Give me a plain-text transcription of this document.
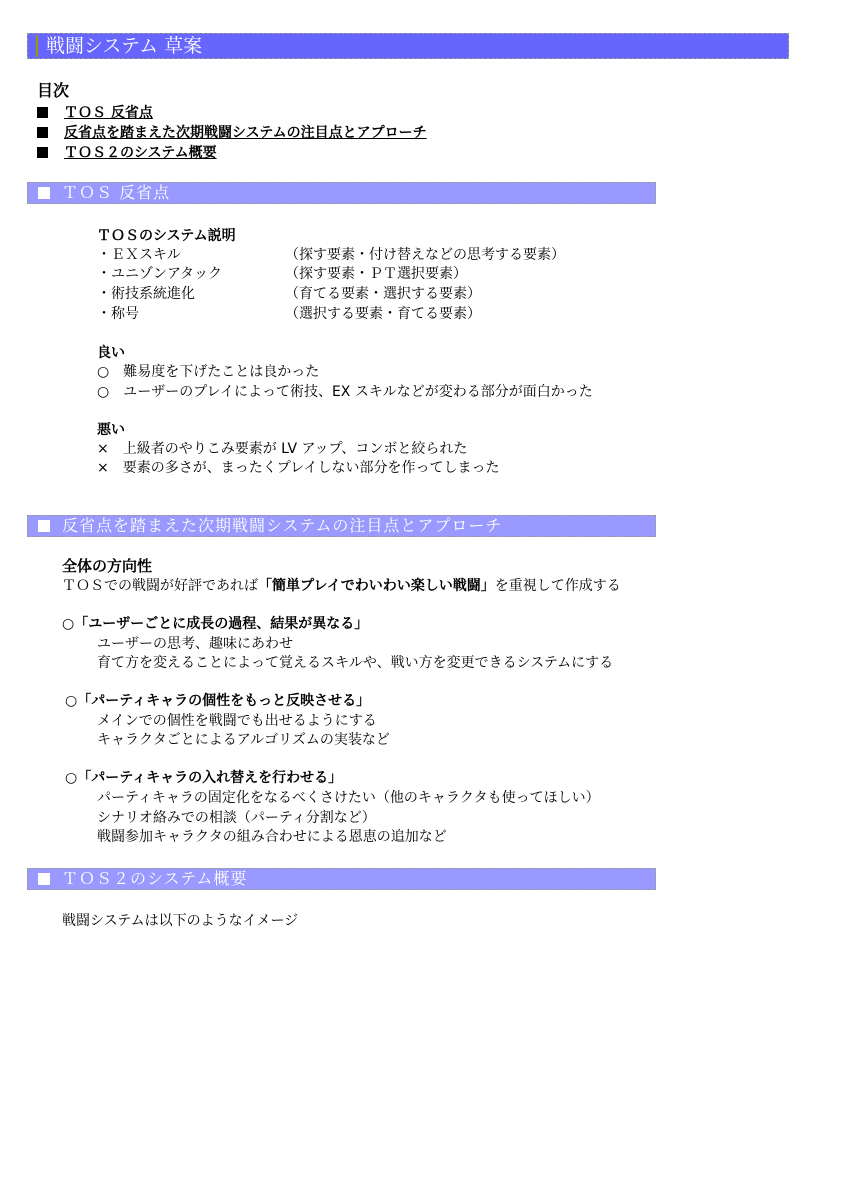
戦闘システム 草案
目次
ＴＯＳ 反省点
反省点を踏まえた次期戦闘システムの注目点とアプローチ
ＴＯＳ２のシステム概要
ＴＯＳ 反省点
ＴＯＳのシステム説明
・ＥＸスキル	（探す要素・付け替えなどの思考する要素）
・ユニゾンアタック	（探す要素・ＰＴ選択要素）
・術技系統進化	（育てる要素・選択する要素）
・称号	（選択する要素・育てる要素）
良い
○　難易度を下げたことは良かった
○　ユーザーのプレイによって術技、EX スキルなどが変わる部分が面白かった
悪い
×　上級者のやりこみ要素が LV アップ、コンボと絞られた
×　要素の多さが、まったくプレイしない部分を作ってしまった
反省点を踏まえた次期戦闘システムの注目点とアプローチ
全体の方向性
ＴＯＳでの戦闘が好評であれば「簡単プレイでわいわい楽しい戦闘」を重視して作成する
○「ユーザーごとに成長の過程、結果が異なる」
ユーザーの思考、趣味にあわせ
育て方を変えることによって覚えるスキルや、戦い方を変更できるシステムにする
○「パーティキャラの個性をもっと反映させる」
メインでの個性を戦闘でも出せるようにする
キャラクタごとによるアルゴリズムの実装など
○「パーティキャラの入れ替えを行わせる」
パーティキャラの固定化をなるべくさけたい（他のキャラクタも使ってほしい）
シナリオ絡みでの相談（パーティ分割など）
戦闘参加キャラクタの組み合わせによる恩恵の追加など
ＴＯＳ２のシステム概要
戦闘システムは以下のようなイメージ
